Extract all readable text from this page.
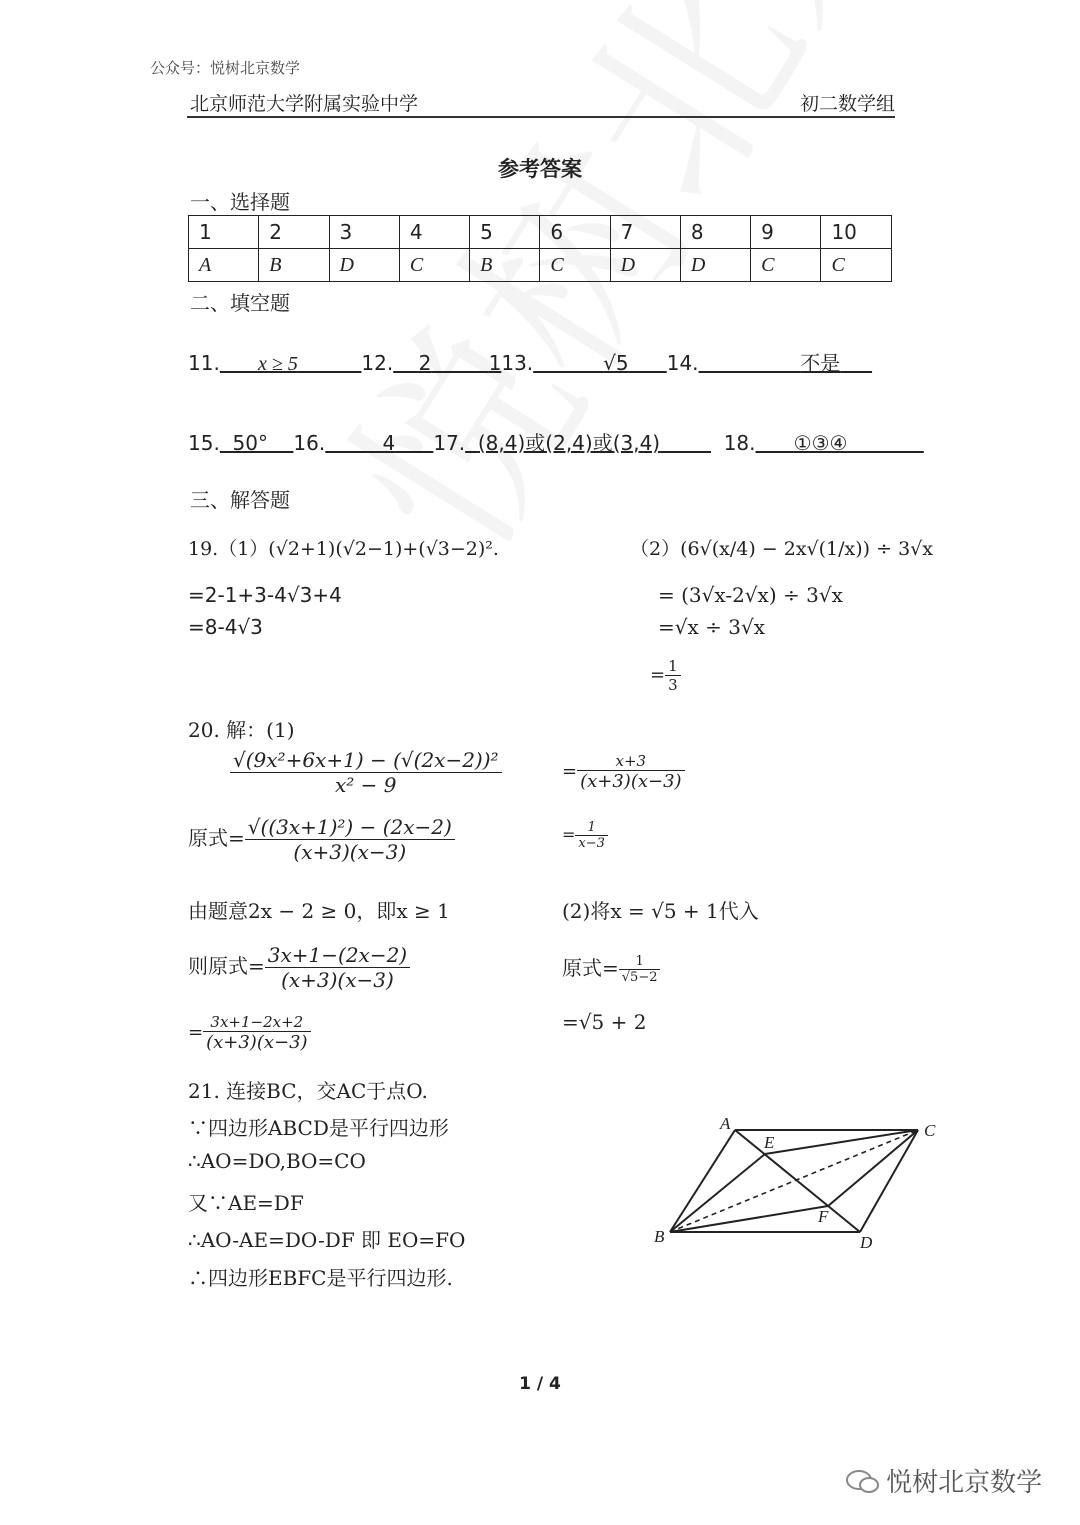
公众号：悦树北京数学
北京师范大学附属实验中学	初二数学组
参考答案
一、选择题
1	2	3	4	5	6	7	8	9	10
A	B	D	C	B	C	D	D	C	C
二、填空题
11. x ≥ 5	12. 2	113.	√5 14.	不是
15. 50° 16.	4 17. (8,4)或(2,4)或(3,4)	18. ①③④
三、解答题
19.（1）(√2+1)(√2−1)+(√3−2)².
=2-1+3-4√3+4
=8-4√3
（2）(6√(x/4) − 2x√(1/x)) ÷ 3√x
= (3√x-2√x) ÷ 3√x
=√x ÷ 3√x
= $\frac{1}{3}$
20. 解：(1)
$\frac{\text{√(9x²+6x+1) − (√(2x−2))²}}{\text{x² − 9}}$
原式= $\frac{\text{√((3x+1)²) − (2x−2)}}{(x+3)(x-3)}$
由题意2x − 2 ≥ 0，即x ≥ 1
则原式= $\frac{3x+1-(2x-2)}{(x+3)(x-3)}$
= $\frac{3x+1-2x+2}{(x+3)(x-3)}$
= $\frac{x+3}{(x+3)(x-3)}$
= $\frac{1}{x-3}$
(2)将x = √5 + 1代入
原式= $\frac{1}{√5-2}$
=√5 + 2
21. 连接BC，交AC于点O.
∵四边形ABCD是平行四边形
∴AO=DO,BO=CO
又∵AE=DF
∴AO-AE=DO-DF 即 EO=FO
∴四边形EBFC是平行四边形.
A	C
B	D
E
F
1 / 4
悦树北京数学
